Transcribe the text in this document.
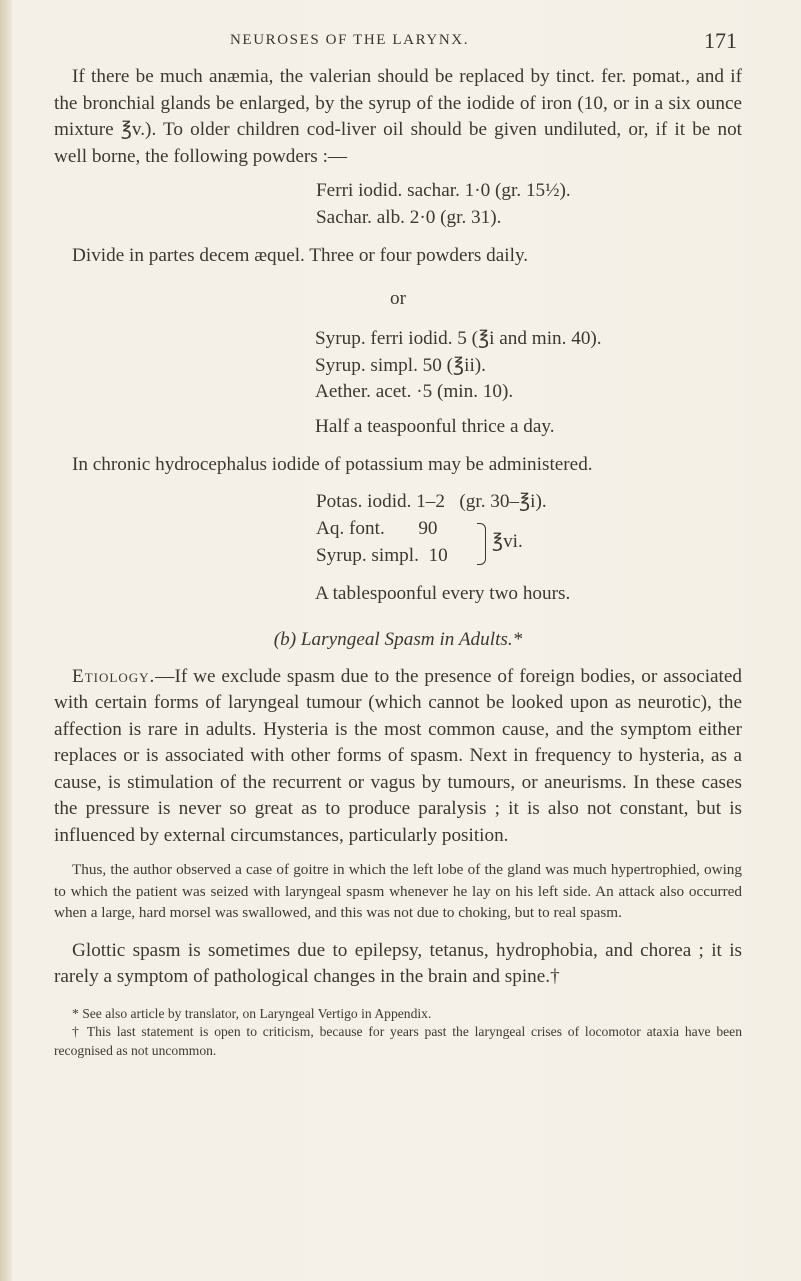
NEUROSES OF THE LARYNX.	171

If there be much anæmia, the valerian should be replaced by tinct. fer. pomat., and if the bronchial glands be enlarged, by the syrup of the iodide of iron (10, or in a six ounce mixture ℥v.). To older children cod-liver oil should be given undiluted, or, if it be not well borne, the following powders :—

Ferri iodid. sachar. 1·0 (gr. 15½).

Sachar. alb. 2·0 (gr. 31).

Divide in partes decem æquel. Three or four powders daily.

or

Syrup. ferri iodid. 5 (℥i and min. 40).

Syrup. simpl. 50 (℥ii).

Aether. acet. ·5 (min. 10).

Half a teaspoonful thrice a day.

In chronic hydrocephalus iodide of potassium may be administered.

Potas. iodid. 1–2   (gr. 30–℥i).
Aq. font.       90
Syrup. simpl.  10
℥vi.

A tablespoonful every two hours.

(b) Laryngeal Spasm in Adults.*

Etiology.—If we exclude spasm due to the presence of foreign bodies, or associated with certain forms of laryngeal tumour (which cannot be looked upon as neurotic), the affection is rare in adults. Hysteria is the most common cause, and the symptom either replaces or is associated with other forms of spasm. Next in frequency to hysteria, as a cause, is stimulation of the recurrent or vagus by tumours, or aneurisms. In these cases the pressure is never so great as to produce paralysis ; it is also not constant, but is influenced by external circumstances, particularly position.

Thus, the author observed a case of goitre in which the left lobe of the gland was much hypertrophied, owing to which the patient was seized with laryngeal spasm whenever he lay on his left side. An attack also occurred when a large, hard morsel was swallowed, and this was not due to choking, but to real spasm.

Glottic spasm is sometimes due to epilepsy, tetanus, hydrophobia, and chorea ; it is rarely a symptom of pathological changes in the brain and spine.†

* See also article by translator, on Laryngeal Vertigo in Appendix.

† This last statement is open to criticism, because for years past the laryngeal crises of locomotor ataxia have been recognised as not uncommon.
